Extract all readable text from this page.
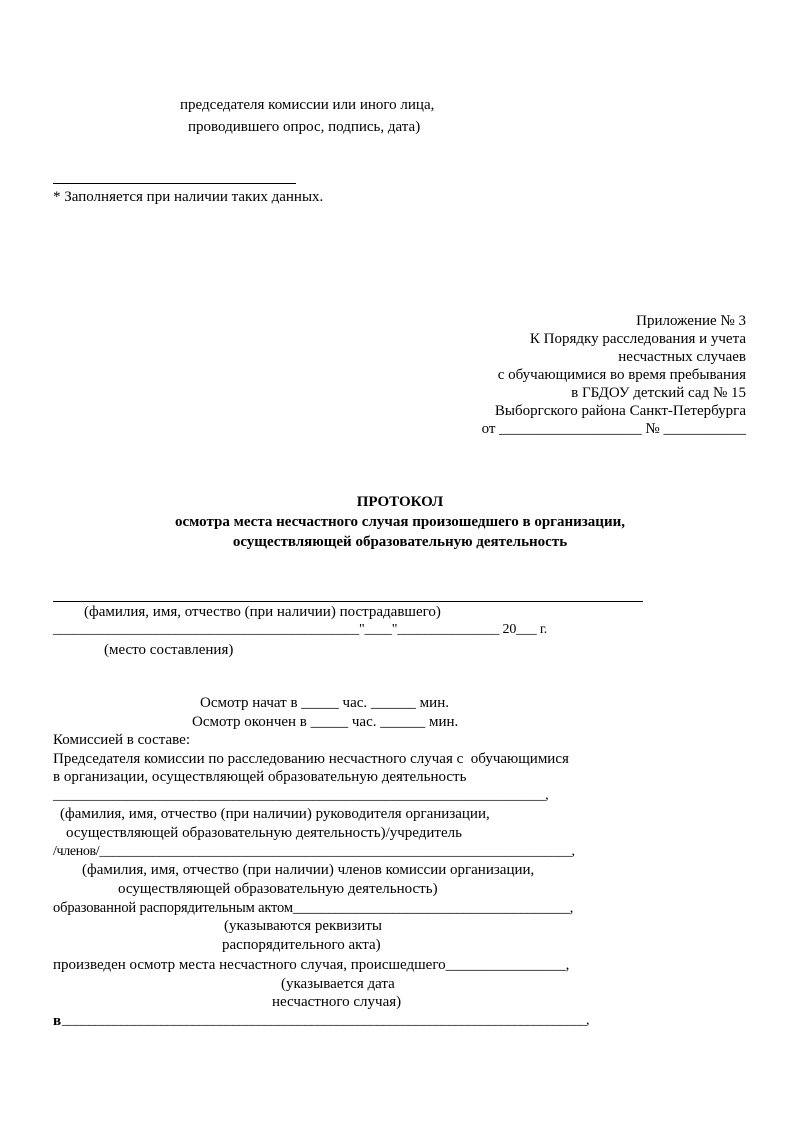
председателя комиссии или иного лица,
проводившего опрос, подпись, дата)
* Заполняется при наличии таких данных.
Приложение № 3
К Порядку расследования и учета
несчастных случаев
с обучающимися во время пребывания
в ГБДОУ детский сад № 15
Выборгского района Санкт-Петербурга
от ___________________ № ___________
ПРОТОКОЛ
осмотра места несчастного случая произошедшего в организации,
осуществляющей образовательную деятельность
(фамилия, имя, отчество (при наличии) пострадавшего)
_____________________________________________"____"_______________ 20___ г.
(место составления)
Осмотр начат в _____ час. ______ мин.
Осмотр окончен в _____ час. ______ мин.
Комиссией в составе:
Председателя комиссии по расследованию несчастного случая с  обучающимися
в организации, осуществляющей образовательную деятельность
__________________________________________________________________________,
(фамилия, имя, отчество (при наличии) руководителя организации,
осуществляющей образовательную деятельность)/учредитель
/членов/_______________________________________________________________________,
(фамилия, имя, отчество (при наличии) членов комиссии организации,
осуществляющей образовательную деятельность)
образованной распорядительным актом_______________________________________,
(указываются реквизиты
распорядительного акта)
произведен осмотр места несчастного случая, происшедшего________________,
(указывается дата
несчастного случая)
в ________________________________________________________________________________,
